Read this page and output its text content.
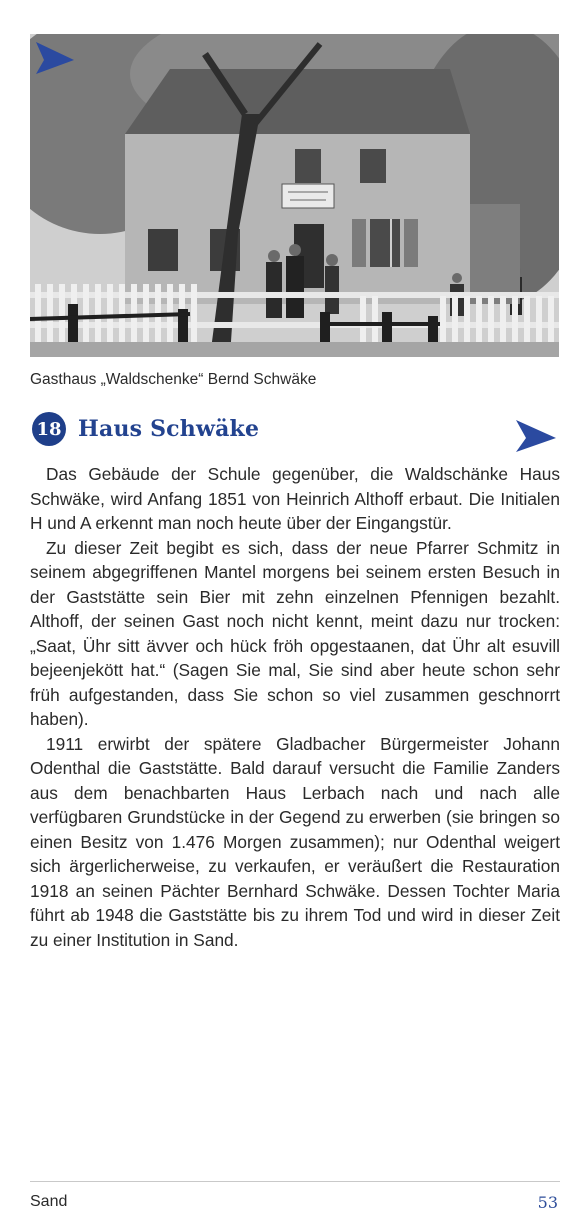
Gasthaus „Waldschenke“ Bernd Schwäke
18 Haus Schwäke

Das Gebäude der Schule gegenüber, die Waldschänke Haus Schwäke, wird Anfang 1851 von Heinrich Althoff erbaut. Die Initialen H und A erkennt man noch heute über der Eingangstür.

Zu dieser Zeit begibt es sich, dass der neue Pfarrer Schmitz in seinem abgegriffenen Mantel morgens bei seinem ersten Besuch in der Gaststätte sein Bier mit zehn einzelnen Pfennigen bezahlt. Althoff, der seinen Gast noch nicht kennt, meint dazu nur trocken: „Saat, Ühr sitt ävver och hück fröh opgestaanen, dat Ühr alt esuvill bejeenjekött hat.“ (Sagen Sie mal, Sie sind aber heute schon sehr früh aufgestanden, dass Sie schon so viel zusammen geschnorrt haben).

1911 erwirbt der spätere Gladbacher Bürgermeister Johann Odenthal die Gaststätte. Bald darauf versucht die Familie Zanders aus dem benachbarten Haus Lerbach nach und nach alle verfügbaren Grundstücke in der Gegend zu erwerben (sie bringen so einen Besitz von 1.476 Morgen zusammen); nur Odenthal weigert sich ärgerlicherweise, zu verkaufen, er veräußert die Restauration 1918 an seinen Pächter Bernhard Schwäke. Dessen Tochter Maria führt ab 1948 die Gaststätte bis zu ihrem Tod und wird in dieser Zeit zu einer Institution in Sand.

Sand	53
